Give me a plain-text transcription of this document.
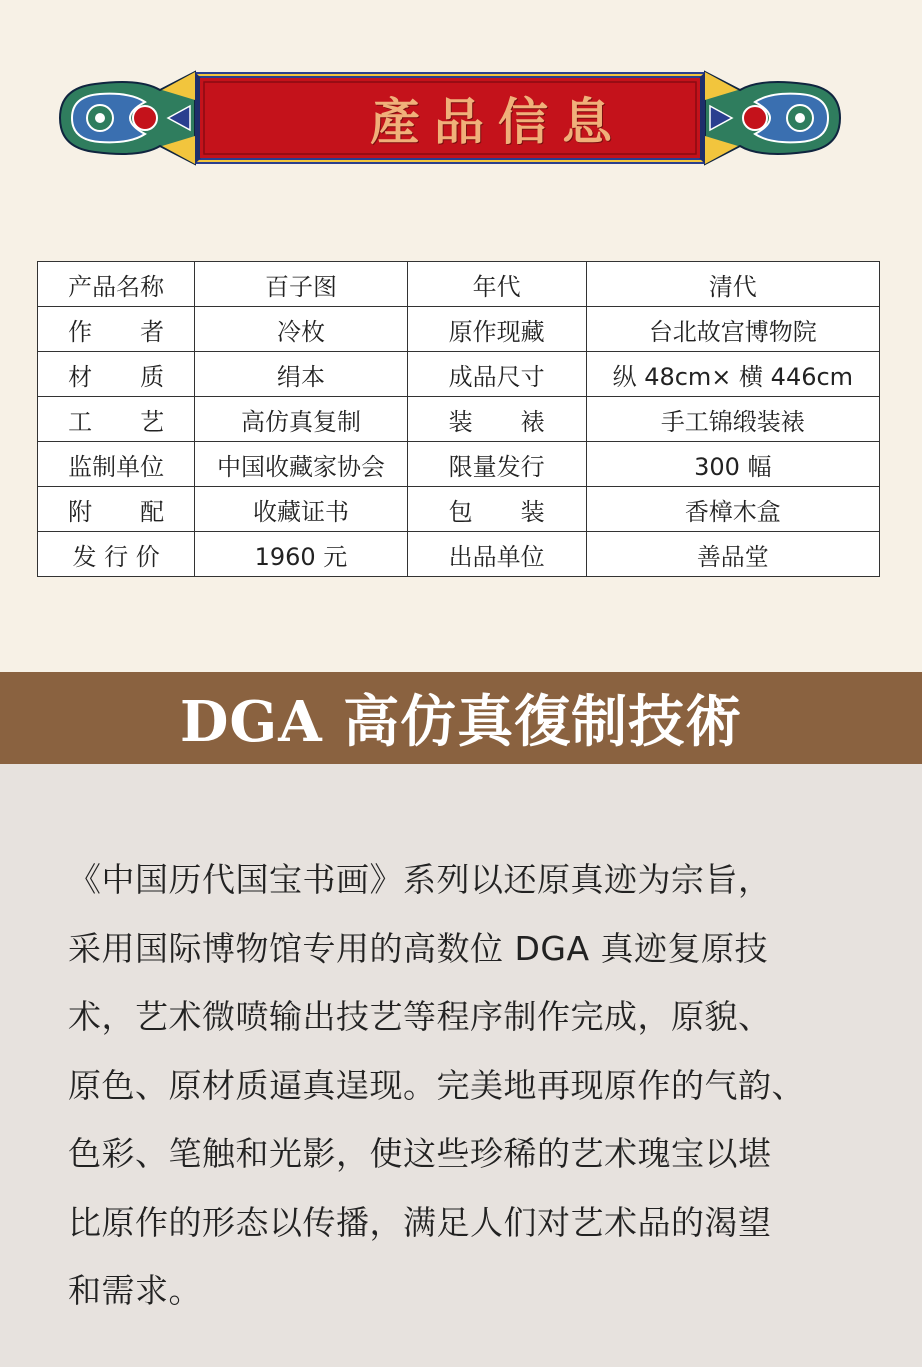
產品信息
产品名称	百子图	年代	清代
作　　者	冷枚	原作现藏	台北故宫博物院
材　　质	绢本	成品尺寸	纵 48cm× 横 446cm
工　　艺	高仿真复制	装　　裱	手工锦缎装裱
监制单位	中国收藏家协会	限量发行	300 幅
附　　配	收藏证书	包　　装	香樟木盒
发 行 价	1960 元	出品单位	善品堂
DGA 高仿真復制技術
《中国历代国宝书画》系列以还原真迹为宗旨，
采用国际博物馆专用的高数位 DGA 真迹复原技
术，艺术微喷输出技艺等程序制作完成，原貌、
原色、原材质逼真逞现。完美地再现原作的气韵、
色彩、笔触和光影，使这些珍稀的艺术瑰宝以堪
比原作的形态以传播，满足人们对艺术品的渴望
和需求。
